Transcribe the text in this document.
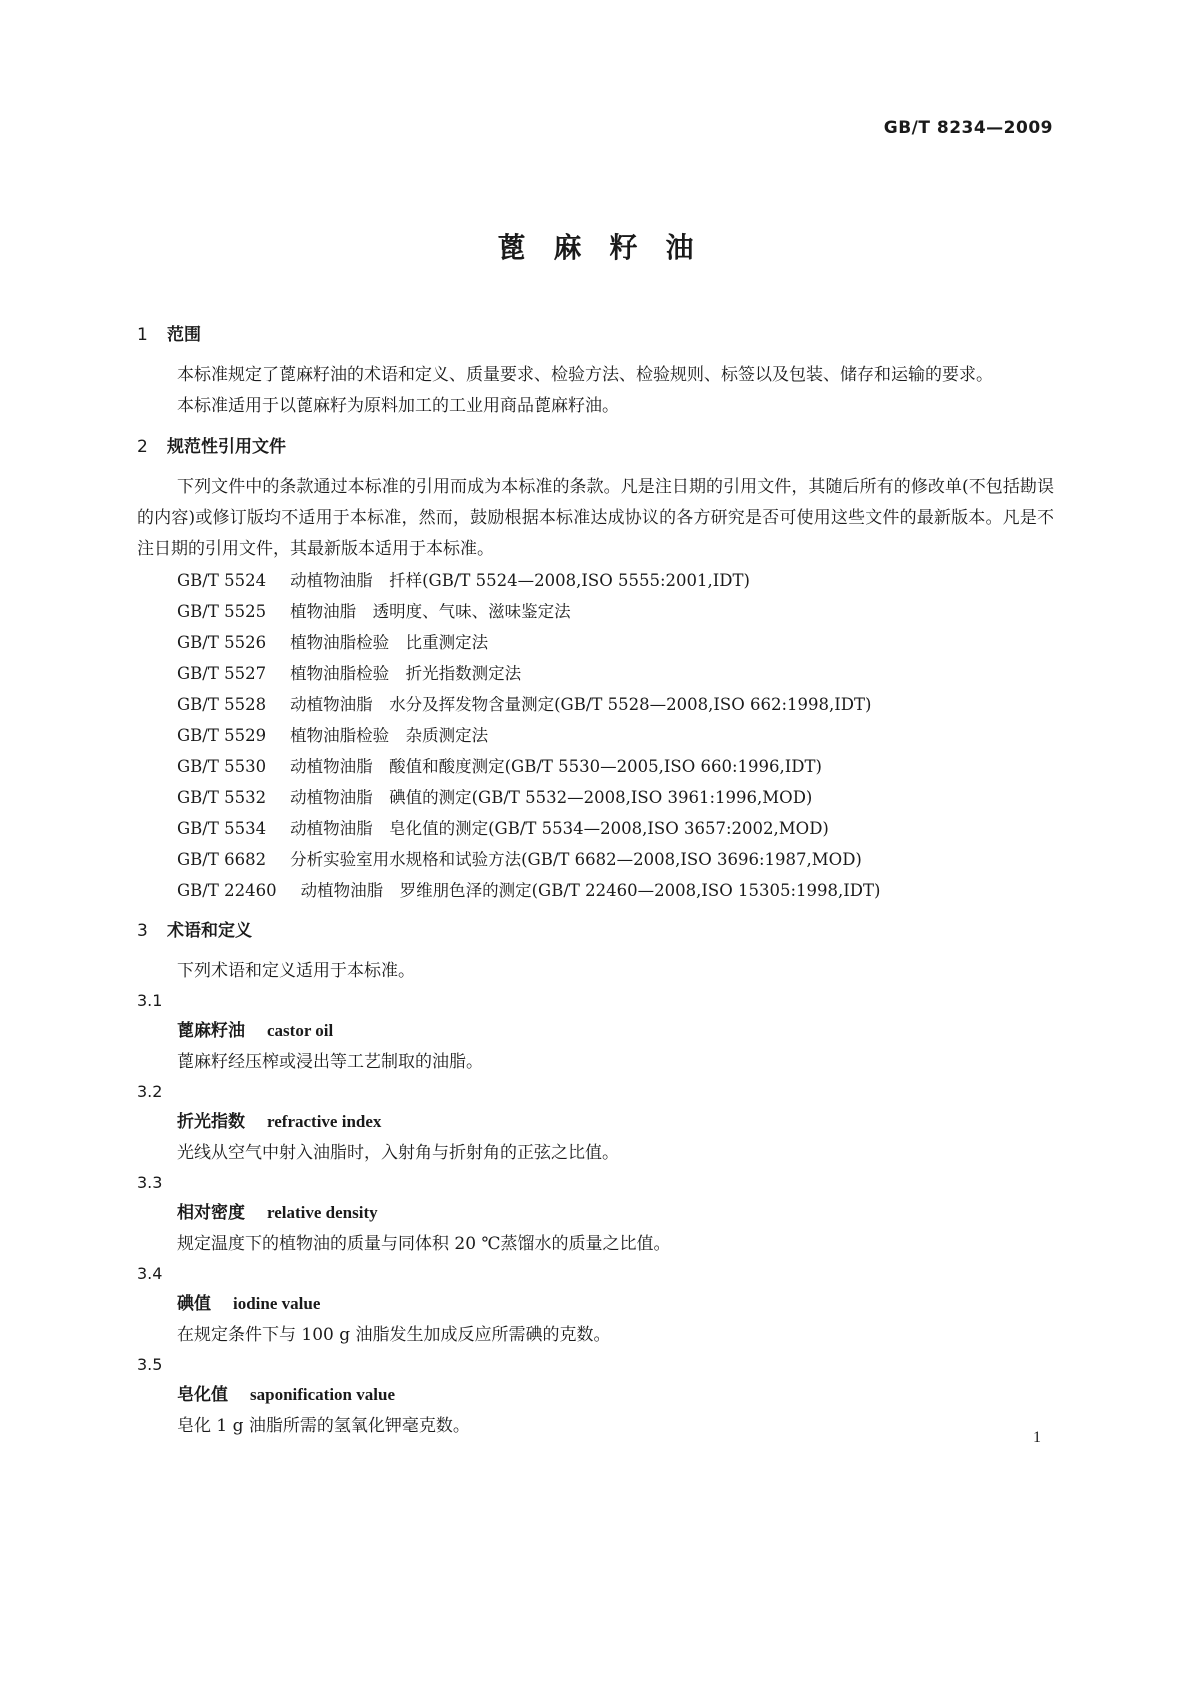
GB/T 8234—2009
蓖麻籽油
1 范围
本标准规定了蓖麻籽油的术语和定义、质量要求、检验方法、检验规则、标签以及包装、储存和运输的要求。
本标准适用于以蓖麻籽为原料加工的工业用商品蓖麻籽油。
2 规范性引用文件
下列文件中的条款通过本标准的引用而成为本标准的条款。凡是注日期的引用文件，其随后所有的修改单(不包括勘误的内容)或修订版均不适用于本标准，然而，鼓励根据本标准达成协议的各方研究是否可使用这些文件的最新版本。凡是不注日期的引用文件，其最新版本适用于本标准。
GB/T 5524 动植物油脂　扦样(GB/T 5524—2008,ISO 5555:2001,IDT)
GB/T 5525 植物油脂　透明度、气味、滋味鉴定法
GB/T 5526 植物油脂检验　比重测定法
GB/T 5527 植物油脂检验　折光指数测定法
GB/T 5528 动植物油脂　水分及挥发物含量测定(GB/T 5528—2008,ISO 662:1998,IDT)
GB/T 5529 植物油脂检验　杂质测定法
GB/T 5530 动植物油脂　酸值和酸度测定(GB/T 5530—2005,ISO 660:1996,IDT)
GB/T 5532 动植物油脂　碘值的测定(GB/T 5532—2008,ISO 3961:1996,MOD)
GB/T 5534 动植物油脂　皂化值的测定(GB/T 5534—2008,ISO 3657:2002,MOD)
GB/T 6682 分析实验室用水规格和试验方法(GB/T 6682—2008,ISO 3696:1987,MOD)
GB/T 22460 动植物油脂　罗维朋色泽的测定(GB/T 22460—2008,ISO 15305:1998,IDT)
3 术语和定义
下列术语和定义适用于本标准。
3.1
蓖麻籽油 castor oil
蓖麻籽经压榨或浸出等工艺制取的油脂。
3.2
折光指数 refractive index
光线从空气中射入油脂时，入射角与折射角的正弦之比值。
3.3
相对密度 relative density
规定温度下的植物油的质量与同体积 20 ℃蒸馏水的质量之比值。
3.4
碘值 iodine value
在规定条件下与 100 g 油脂发生加成反应所需碘的克数。
3.5
皂化值 saponification value
皂化 1 g 油脂所需的氢氧化钾毫克数。
1
